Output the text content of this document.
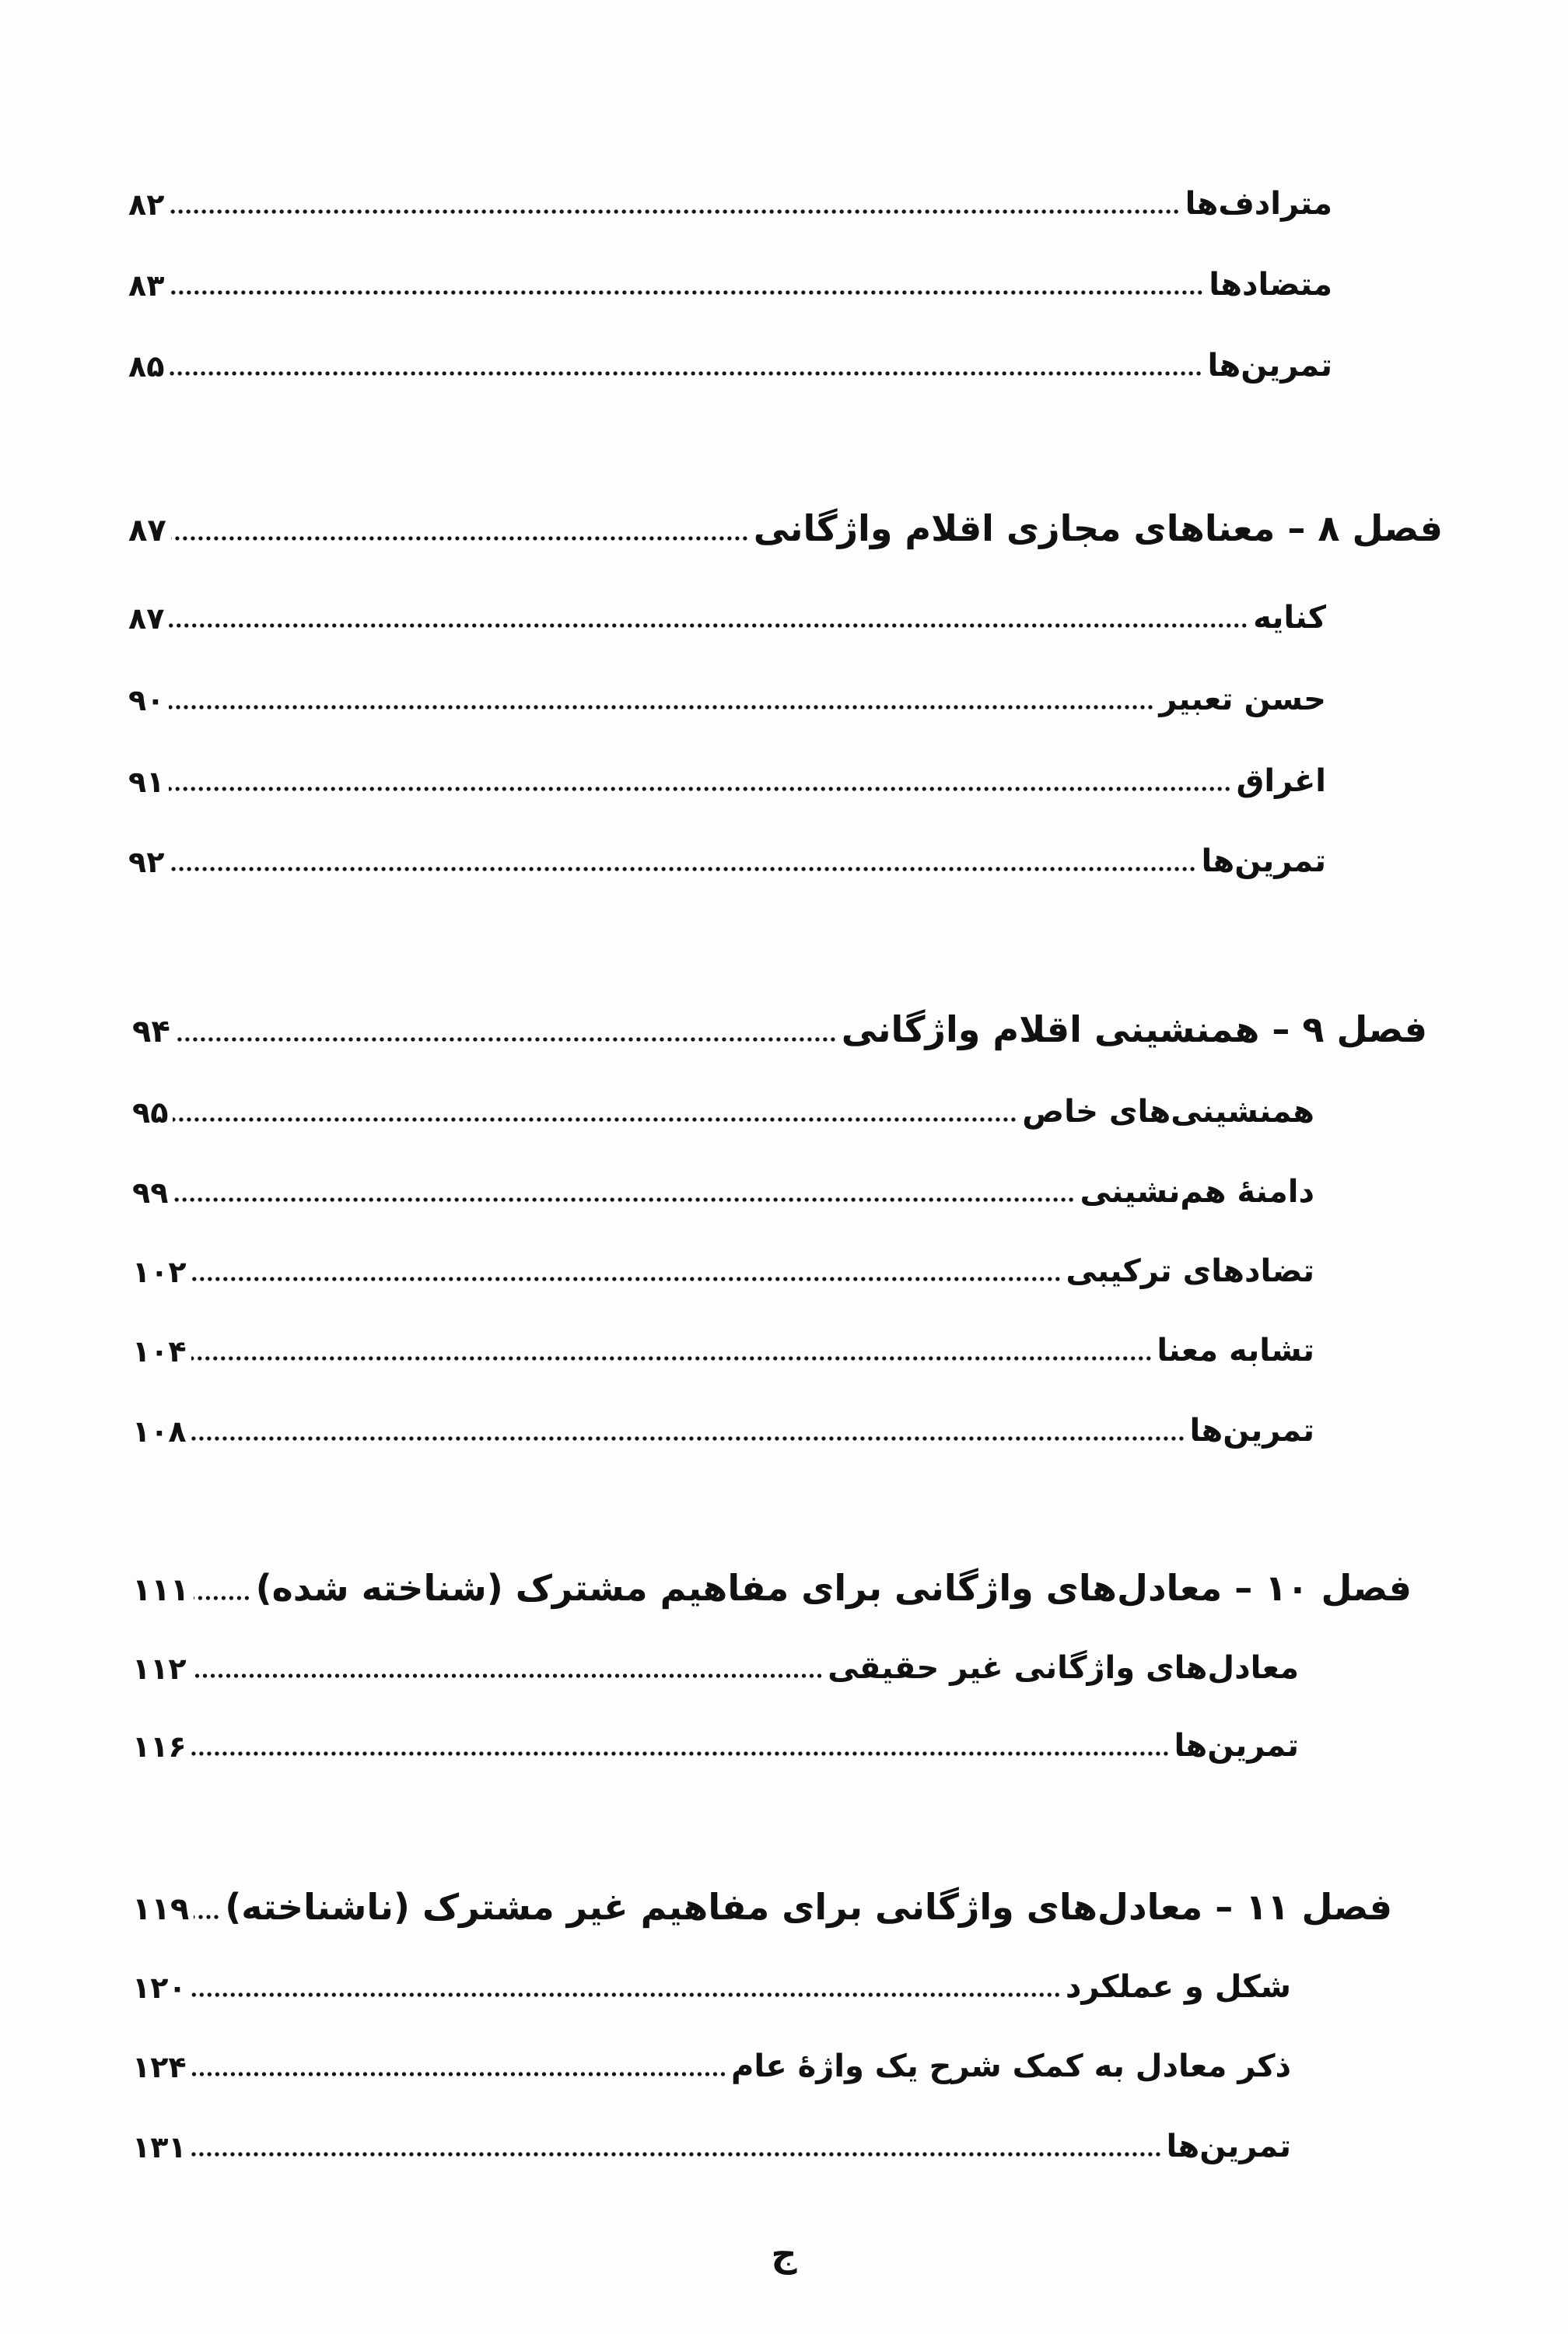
مترادف‌ها
۸۲
متضادها
۸۳
تمرین‌ها
۸۵
فصل ۸ – معناهای مجازی اقلام واژگانی
۸۷
کنایه
۸۷
حسن تعبیر
۹۰
اغراق
۹۱
تمرین‌ها
۹۲
فصل ۹ – همنشینی اقلام واژگانی
۹۴
همنشینی‌های خاص
۹۵
دامنهٔ هم‌نشینی
۹۹
تضادهای ترکیبی
۱۰۲
تشابه معنا
۱۰۴
تمرین‌ها
۱۰۸
فصل ۱۰ – معادل‌های واژگانی برای مفاهیم مشترک (شناخته شده)
۱۱۱
معادل‌های واژگانی غیر حقیقی
۱۱۲
تمرین‌ها
۱۱۶
فصل ۱۱ – معادل‌های واژگانی برای مفاهیم غیر مشترک (ناشناخته)
۱۱۹
شکل و عملکرد
۱۲۰
ذکر معادل به کمک شرح یک واژهٔ عام
۱۲۴
تمرین‌ها
۱۳۱
ج
